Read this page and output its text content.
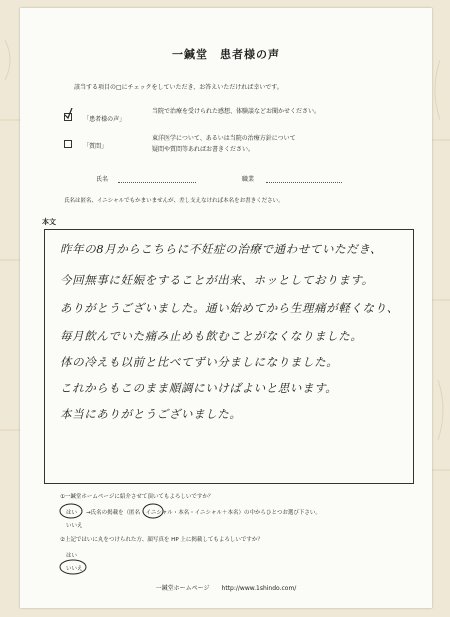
一鍼堂　患者様の声
該当する項目の□にチェックをしていただき、お答えいただければ幸いです。
「患者様の声」
当院で治療を受けられた感想、体験談などお聞かせください。
「質問」
東洋医学について、あるいは当院の治療方針について
疑問や質問等あればお書きください。
氏名	職業
氏名は匿名、イニシャルでもかまいませんが、差し支えなければ本名をお書きください。
本文
昨年の8月からこちらに不妊症の治療で通わせていただき、
今回無事に妊娠をすることが出来、ホッとしております。
ありがとうございました。通い始めてから生理痛が軽くなり、
毎月飲んでいた痛み止めも飲むことがなくなりました。
体の冷えも以前と比べてずい分ましになりました。
これからもこのまま順調にいけばよいと思います。
本当にありがとうございました。
①一鍼堂ホームページに紹介させて頂いてもよろしいですか？
はい →氏名の掲載を（匿名・イニシャル・本名・イニシャル＋本名）の中からひとつお選び下さい。
いいえ
②上記ではいに丸をつけられた方、顔写真を HP 上に掲載してもよろしいですか？
はい
いいえ
一鍼堂ホームページ　　http://www.1shindo.com/
